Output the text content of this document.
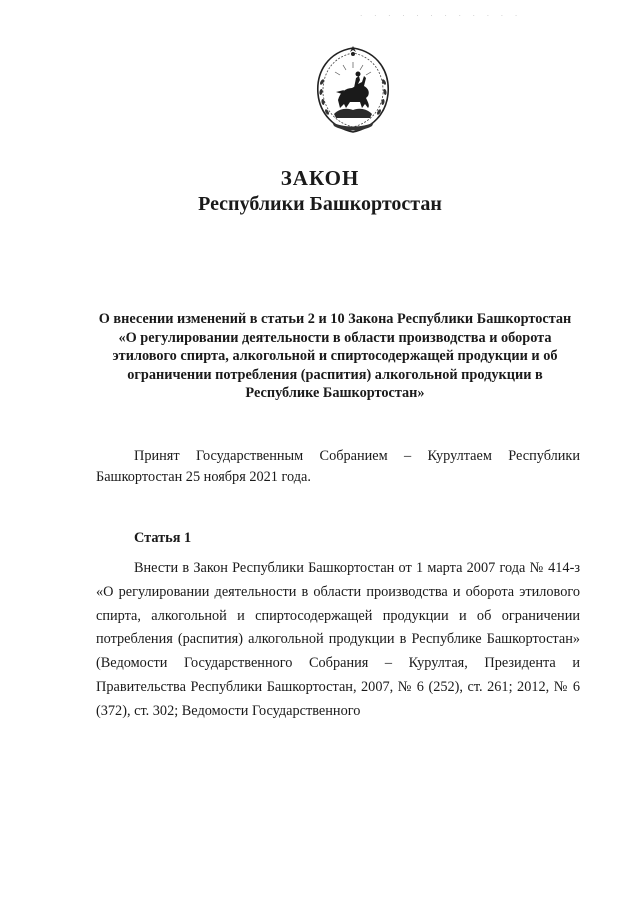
· · · · · · · · · · · ·
ЗАКОН
Республики Башкортостан

О внесении изменений в статьи 2 и 10 Закона Республики Башкортостан «О регулировании деятельности в области производства и оборота этилового спирта, алкогольной и спиртосодержащей продукции и об ограничении потребления (распития) алкогольной продукции в Республике Башкортостан»

Принят Государственным Собранием – Курултаем Республики Башкортостан 25 ноября 2021 года.

Статья 1

Внести в Закон Республики Башкортостан от 1 марта 2007 года № 414-з «О регулировании деятельности в области производства и оборота этилового спирта, алкогольной и спиртосодержащей продукции и об ограничении потребления (распития) алкогольной продукции в Республике Башкортостан» (Ведомости Государственного Собрания – Курултая, Президента и Правительства Республики Башкортостан, 2007, № 6 (252), ст. 261; 2012, № 6 (372), ст. 302; Ведомости Государственного
